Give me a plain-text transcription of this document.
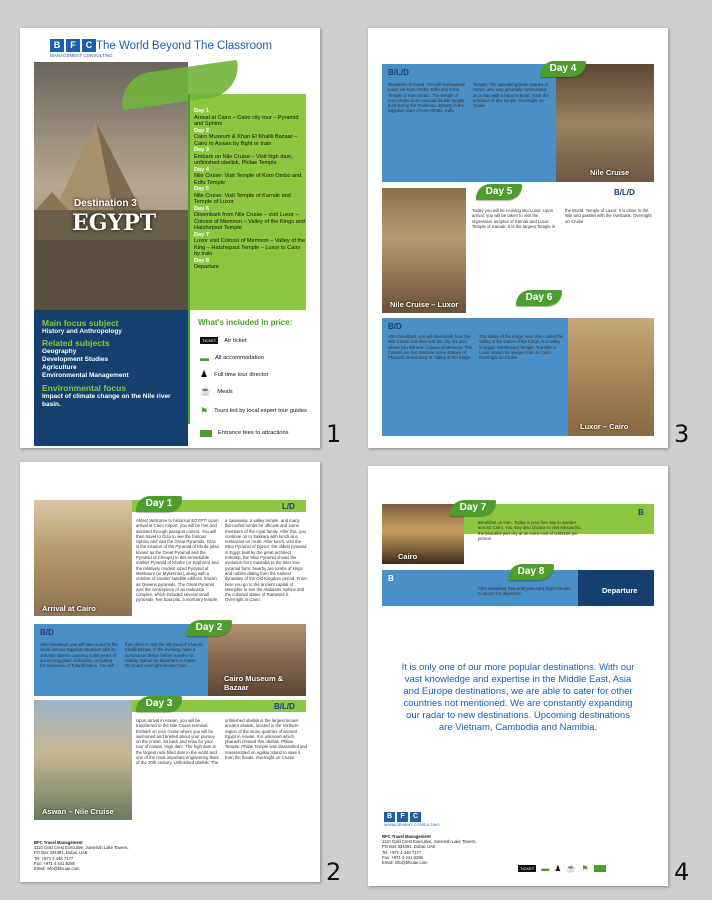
B	F	C
MANAGEMENT CONSULTING
The World Beyond The Classroom
Destination 3
EGYPT
Day 1
Arrival at Cairo – Cairo city tour – Pyramid and Sphinx
Day 2
Cairo Museum & Khan El Khalili Bazaar – Cairo to Aswan by flight or train
Day 3
Embark on Nile Cruise – Visit high dam, unfinished obelisk, Philae Temple
Day 4
Nile Cruise: Visit Temple of Kom Ombo and Edfu Temple
Day 5
Nile Cruise: Visit Temple of Karnak and Temple of Luxor
Day 6
Disembark from Nile Cruise – visit Luxor – Colossi of Memnon – Valley of the Kings and Hatshepsut Temple
Day 7
Luxor visit Colossi of Memnon – Valley of the King – Hatshepsut Temple – Luxor to Cairo by train
Day 8
Departure
Main focus subject
History and Anthropology
Related subjects
Geography
Development Studies
Agriculture
Environmental Management
Environmental focus
Impact of climate change on the Nile river basin.
What's included in price:
TICKET	Air ticket
▬ All accommodation
♟ Full time tour director
☕ Meals
⚑ Tours led by local expert tour guides
Entrance fees to attractions 1
Nile Cruise
Day 4
B/L/D
Breakfast on board. You will sail towards Luxor via Kom Ombo, Edfu and Esna. Temple of Kom Ombo: The temple of Kom Ombo is an unusual double temple built during the Ptolemaic dynasty in the Egyptian town of Kom Ombo. Edfu Temple: The splendid granite statues of Horus, who was generally represented as a man with a falcon's head, mark the entrance of this temple. Overnight on Cruise.
Nile Cruise – Luxor
Day 5	B/L/D
Today you will be cruising into Luxor. Upon arrival, you will be taken to visit the impressive temples of Karnak and Luxor. Temple of Karnak: It is the largest Temple in the World. Temple of Luxor: It is close to the Nile and parallel with the riverbank. Overnight on Cruise.
Luxor – Cairo
Day 6
B/D
After breakfast, you will disembark from the Nile Cruise and then visit the city of Luxor where you will see: Colossi of Memnon: The Colossi are two massive stone statues of Pharaoh Amenhotep III. Valley of the Kings: The Valley of the Kings, less often called the Valley of the Gates of the Kings, is a valley in Egypt. Hatshepsut Temple: Transfer to Luxor station for sleeper train to Cairo. Overnight on Cruise.
3
Arrival at Cairo
Day 1	L/D
Ahlan! Welcome to historical EGYPT! Upon arrival at Cairo Airport, you will be met and assisted through passport control. You will then travel to Giza to see the famous Sphinx and visit the Great Pyramids. Giza is the location of the Pyramid of Khufu (also known as the Great Pyramid and the Pyramid of Cheops) in this remarkable marker Pyramid of Khafre (or Kephren) and the relatively modest sized Pyramid of Menkaure (or Mykerinus), along with a number of smaller satellite edifices, known as Queens pyramids. The Great Pyramid was the centrepiece of an elaborate complex, which included several small pyramids, five boat pits, a mortuary temple, a causeway, a valley temple, and many flat-roofed tombs for officials and some members of the royal family. After this, you continue on to Sakkara with lunch at a restaurant en route. After lunch, visit the Step Pyramid of Djoser, the oldest pyramid in Egypt built by the great architect Imhotep, the Step Pyramid shows the evolution from mastaba to the later true pyramid form. Nearby are tombs of kings and nobles dating from the earliest dynasties of the Old Kingdom period. From here you go to the ancient capital of Memphis to see the Alabaster Sphinx and the colossal statue of Rameses II. Overnight in Cairo.
Cairo Museum & Bazaar
Day 2
B/D
After breakfast, you will take a tour to the world famous Egyptian Museum with its 100,000 objects covering 4,000 years of ancient Egyptian civilization, including the treasures of Tutankhamun. You will then drive to visit the old souq of Khan El Khalili bazaar. In the evening, have a sumptuous dinner before transfer to railway station for departure to Aswan. On board overnight sleeper train.
Aswan – Nile Cruise
Day 3	B/L/D
Upon arrival in Aswan, you will be transferred to the Nile Cruise terminal. Embark on your cruise where you will be welcomed and briefed about your journey on the cruise. Sit back and relax for your tour of Aswan. High dam: The high dam is the largest rock-filled dam in the world and one of the most important engineering feats of the 20th century. Unfinished obelisk: The unfinished obelisk is the largest known ancient obelisk, located in the northern region of the stone quarries of ancient Egypt in Aswan. It is unknown which pharaoh created this obelisk. Philae Temple: Philae Temple was dismantled and reassembled on Agilkia Island to save it from the floods. Overnight on Cruise.
BFC Travel Management
1110 Gold Crest Executive, Jumeirah Lake Towers,
PO Box 334391, Dubai, UAE
Tel: +971 4 448 7177
Fax: +971 4 441 9256
Email: info@bfcuae.com	2
Cairo
Day 7	B
Breakfast on train. Today is your free day to wander around Cairo. You may also choose to visit Alexandria, the beautiful port city at an extra cost of USD160 per person.
Departure
Day 8
B
After breakfast, free until your early flight transfer to airport for departure.
It is only one of our more popular destinations. With our vast knowledge and expertise in the Middle East, Asia and Europe destinations, we are able to cater for other countries not mentioned. We are constantly expanding our radar to new destinations. Upcoming destinations are Vietnam, Cambodia and Namibia.
B	F	C
MANAGEMENT CONSULTING
BFC Travel Management
1110 Gold Crest Executive, Jumeirah Lake Towers,
PO Box 334391, Dubai, UAE
Tel: +971 4 448 7177
Fax: +971 4 441 9256
Email: info@bfcuae.com
TICKET ▬ ♟ ☕ ⚑	4
